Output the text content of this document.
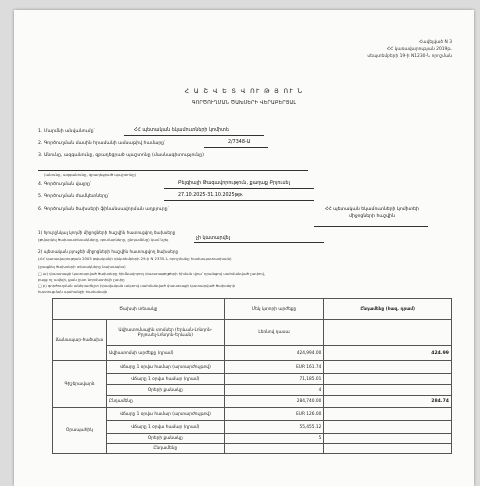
Հավելված N 3
ՀՀ կառավարության 2019թ.
սեպտեմբերի 19-ի N1230-Ն որոշման
Հ Ա Շ Վ Ե Տ Վ ՈՒ Թ Յ ՈՒ Ն
ԳՈՐԾՈՒՂՄԱՆ ԾԱԽՍԵՐԻ ՎԵՐԱԲԵՐՅԱԼ
1. Մարմնի անվանումը՝	ՀՀ պետական եկամուտների կոմիտե
2. Գործուղման մասին հրամանի ամսաթիվ համարը՝	2/7348-Ա
3. Անունը, ազգանունը, զբաղեցրած պաշտոնը (մասնագիտությունը)
(անունը, ազգանունը, զբաղեցրած պաշտոնը)
4. Գործուղման վայրը՝	Բելգիայի Թագավորություն, քաղաք Բրյուսել
5. Գործուղման ժամկետները՝	27.10.2025-31.10.2025թթ.
6. Գործուղման ծախսերի ֆինանսավորման աղբյուրը՝	ՀՀ պետական եկամուտների կոմիտեի միջոցների հաշվին
1) հյուրընկալ կողմի միջոցների հաշվին հատուցվող ծախսերը
(թվարկել ծախսատեսակները, գումարները, ընդամենը) կամ նշել	չի կատարվել
2) պետական բյուջեի միջոցների հաշվին հատուցվող ծախսերը
(ՀՀ կառավարության 2005 թվականի դեկտեմբերի 29-ի N 2335-Ն որոշմանը համապատասխան)
(լրացնել ծախսերի տեսակները նախապես)
□ ա) փաստացի կատարված ծախսերը հիմնավորող փաստաթղթերի հիման վրա՝ դրանցով սահմանված չափով,
բայց ոչ ավելի, քան ըստ նորմատիվի չափը
□ բ) գործուղման անհրաժեշտ իրավական ակտով սահմանված փաստացի կատարված ծախսերի
հատուցման պահանջի համաձայն
Ծախսի տեսակը		Մեկ կտորի արժեքը	Ընդամենը (հազ. դրամ)
Ճանապար-հածախս	Ավիատոմսային տոմսեր (Երևան-Լոնդոն-Բրյուսել-Լոնդոն-Երևան)	Լեռնով դասա	
	Ավիատոմսի արժեքը (դրամ)	424,994.00	424.99
Գիշերավարձ	Վճարը 1 օրվա համար (արտարժույթով)	EUR 161.74	
	Վճարը 1 օրվա համար (դրամ)	71,185.01	
	Օրերի քանակը	4	
	Ընդամենը	284,740.00	284.74
Օրապահիկ	Վճարը 1 օրվա համար (արտարժույթով)	EUR 126.00	
	Վճարը 1 օրվա համար (դրամ)	55,455.12	
	Օրերի քանակը	5	
	Ընդամենը		
